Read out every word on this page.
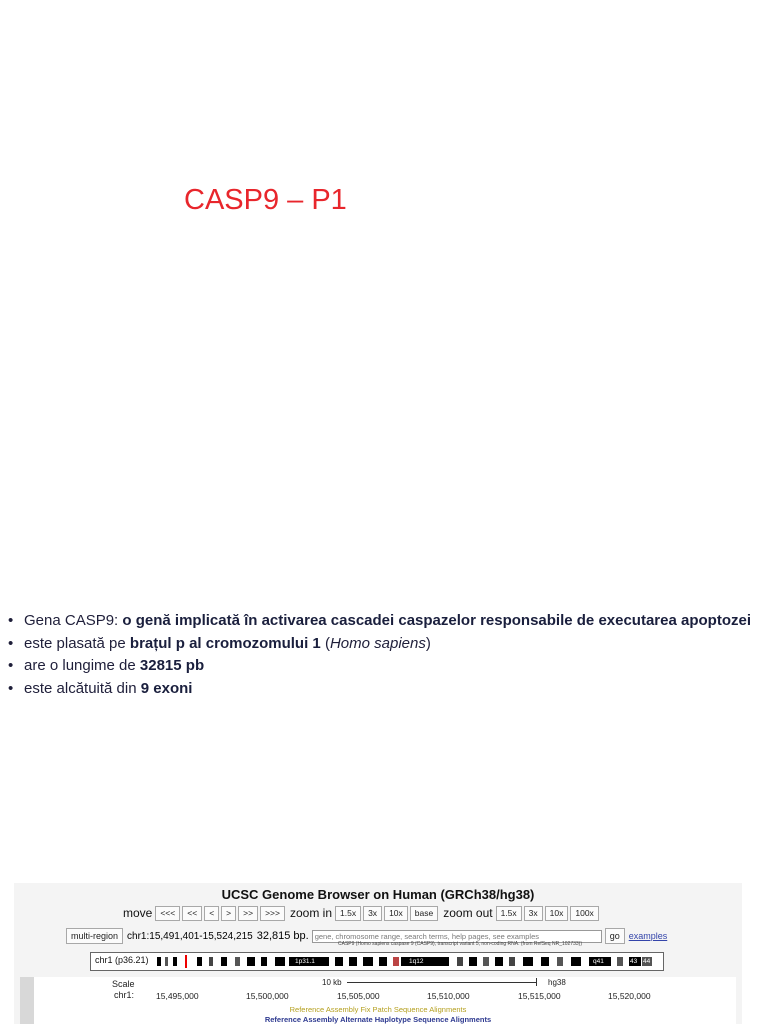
CASP9 – P1
• Gena CASP9: o genă implicată în activarea cascadei caspazelor responsabile de executarea apoptozei
• este plasată pe brațul p al cromozomului 1 (Homo sapiens)
• are o lungime de 32815 pb
• este alcătuită din 9 exoni
UCSC Genome Browser on Human (GRCh38/hg38)
move <<< << < > >> >>> zoom in 1.5x 3x 10x base zoom out 1.5x 3x 10x 100x
multi-region chr1:15,491,401-15,524,215 32,815 bp. gene, chromosome range, search terms, help pages, see examples	go	examples
CASP9 (Homo sapiens caspase 9 (CASP9), transcript variant 5, non-coding RNA. (from RefSeq NR_102733))
chr1 (p36.21)	1p31.1	1q12	q41	43 44
Scale
chr1:
10 kb	hg38
15,495,000	15,500,000	15,505,000	15,510,000	15,515,000	15,520,000
Reference Assembly Fix Patch Sequence Alignments
Reference Assembly Alternate Haplotype Sequence Alignments
